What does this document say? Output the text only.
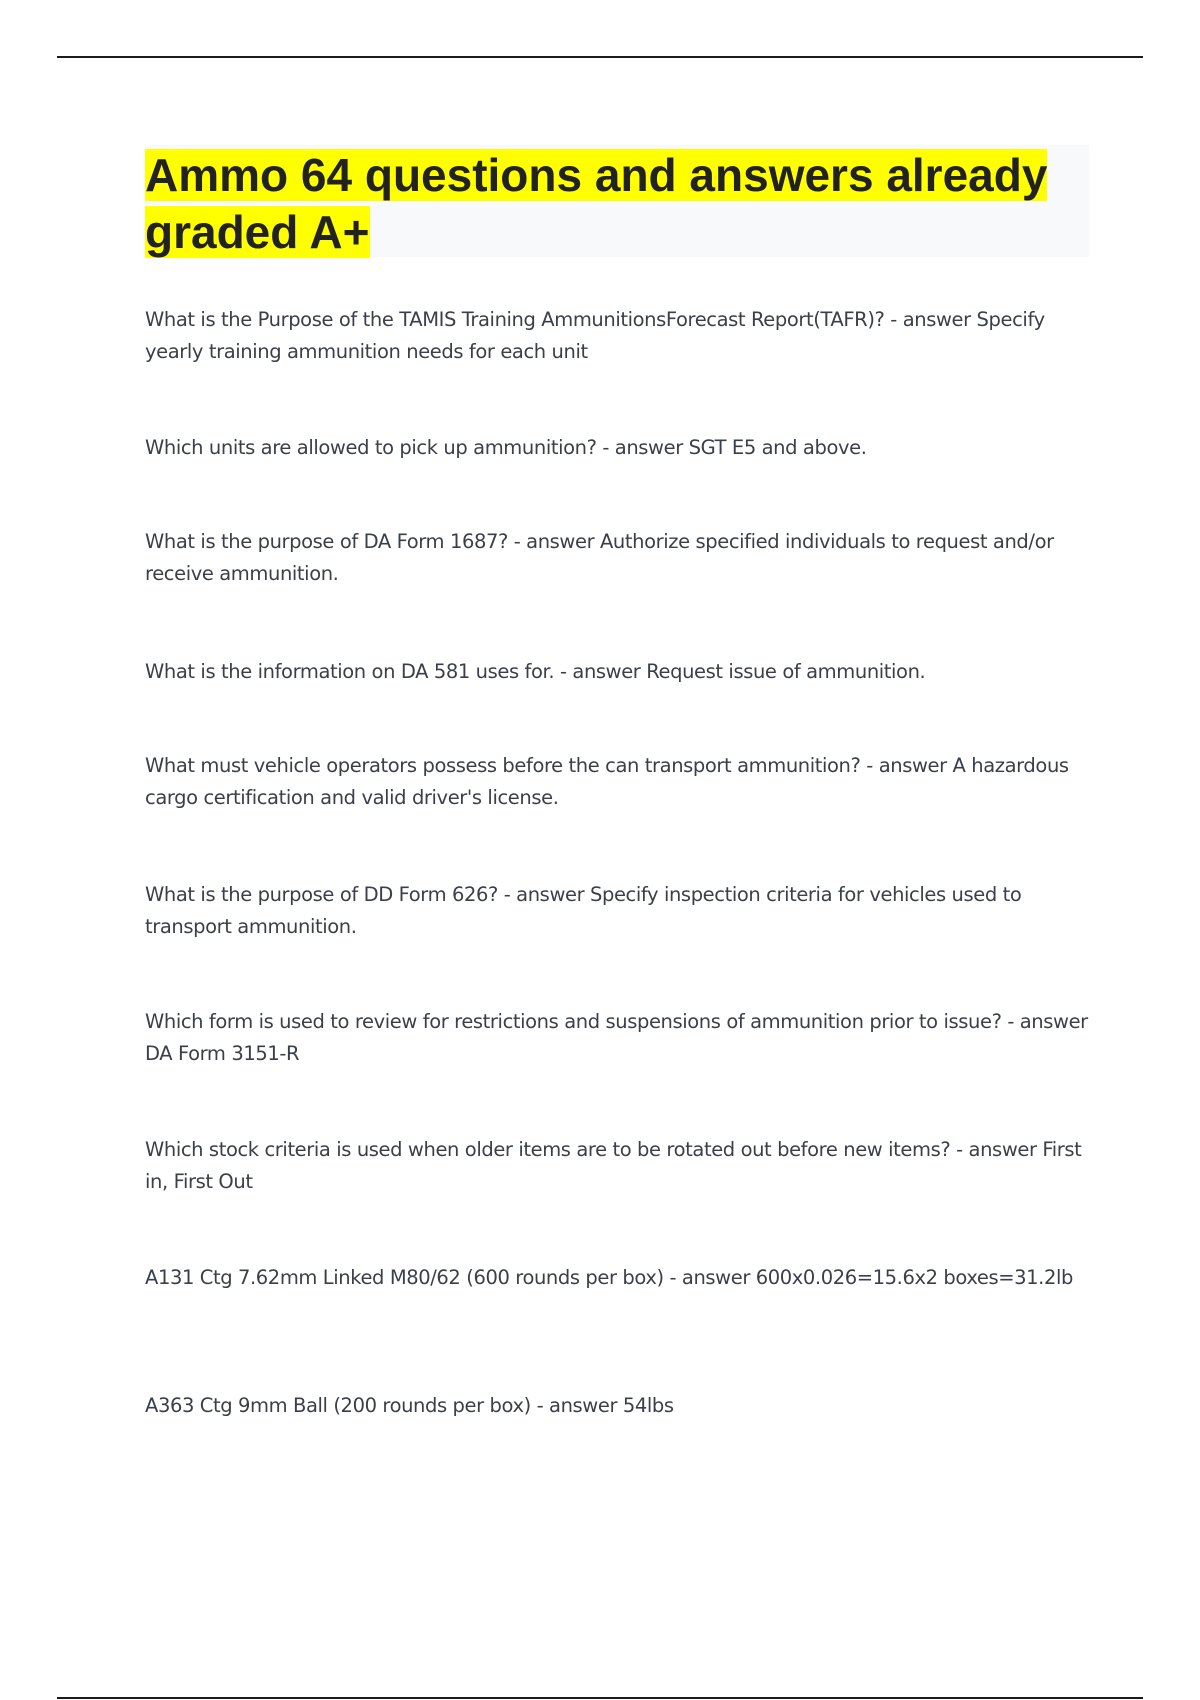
Ammo 64 questions and answers already graded A+
What is the Purpose of the TAMIS Training AmmunitionsForecast Report(TAFR)? - answer Specify yearly training ammunition needs for each unit
Which units are allowed to pick up ammunition? - answer SGT E5 and above.
What is the purpose of DA Form 1687? - answer Authorize specified individuals to request and/or receive ammunition.
What is the information on DA 581 uses for. - answer Request issue of ammunition.
What must vehicle operators possess before the can transport ammunition? - answer A hazardous cargo certification and valid driver's license.
What is the purpose of DD Form 626? - answer Specify inspection criteria for vehicles used to transport ammunition.
Which form is used to review for restrictions and suspensions of ammunition prior to issue? - answer DA Form 3151-R
Which stock criteria is used when older items are to be rotated out before new items? - answer First in, First Out
A131 Ctg 7.62mm Linked M80/62 (600 rounds per box) - answer 600x0.026=15.6x2 boxes=31.2lb
A363 Ctg 9mm Ball (200 rounds per box) - answer 54lbs
